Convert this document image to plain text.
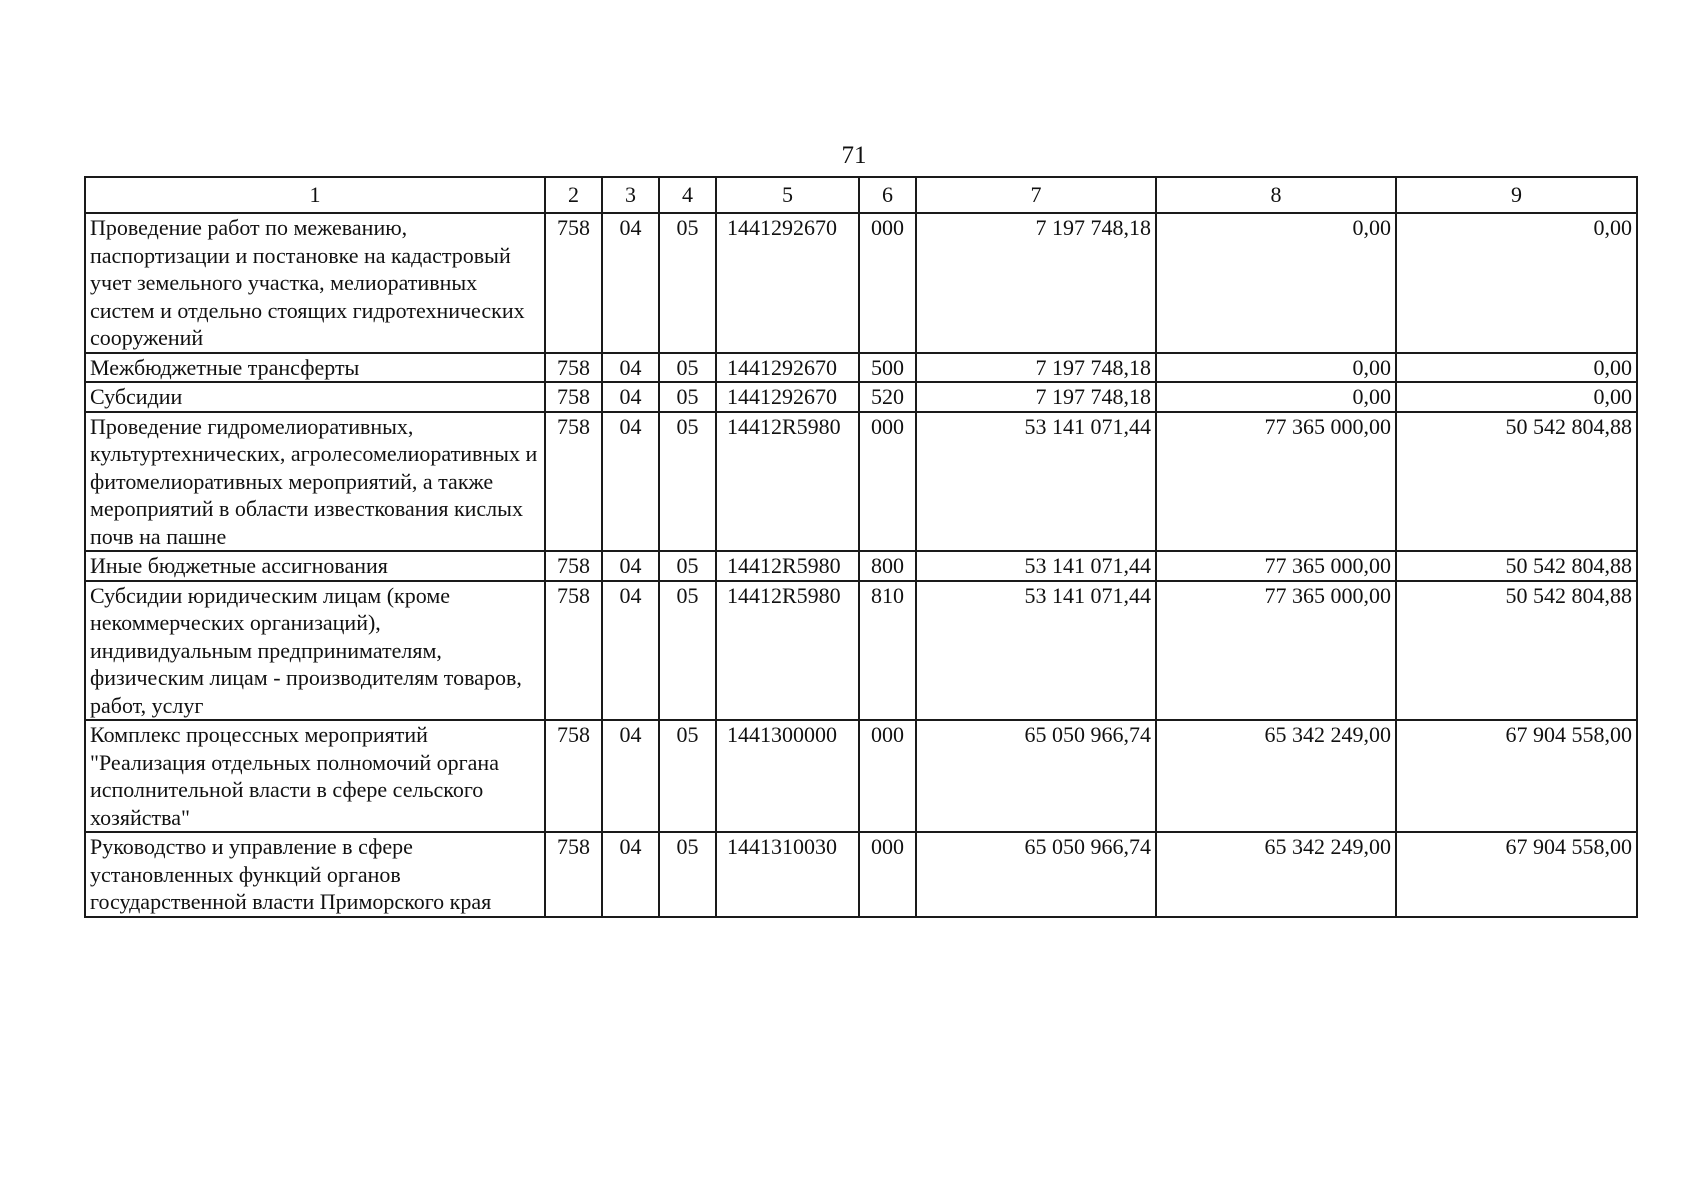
71
1	2	3	4	5	6	7	8	9
Проведение работ по межеванию, паспортизации и постановке на кадастровый учет земельного участка, мелиоративных систем и отдельно стоящих гидротехнических сооружений	758	04	05	1441292670	000	7 197 748,18	0,00	0,00
Межбюджетные трансферты	758	04	05	1441292670	500	7 197 748,18	0,00	0,00
Субсидии	758	04	05	1441292670	520	7 197 748,18	0,00	0,00
Проведение гидромелиоративных, культуртехнических, агролесомелиоративных и фитомелиоративных мероприятий, а также мероприятий в области известкования кислых почв на пашне	758	04	05	14412R5980	000	53 141 071,44	77 365 000,00	50 542 804,88
Иные бюджетные ассигнования	758	04	05	14412R5980	800	53 141 071,44	77 365 000,00	50 542 804,88
Субсидии юридическим лицам (кроме некоммерческих организаций), индивидуальным предпринимателям, физическим лицам - производителям товаров, работ, услуг	758	04	05	14412R5980	810	53 141 071,44	77 365 000,00	50 542 804,88
Комплекс процессных мероприятий "Реализация отдельных полномочий органа исполнительной власти в сфере сельского хозяйства"	758	04	05	1441300000	000	65 050 966,74	65 342 249,00	67 904 558,00
Руководство и управление в сфере установленных функций органов государственной власти Приморского края	758	04	05	1441310030	000	65 050 966,74	65 342 249,00	67 904 558,00
